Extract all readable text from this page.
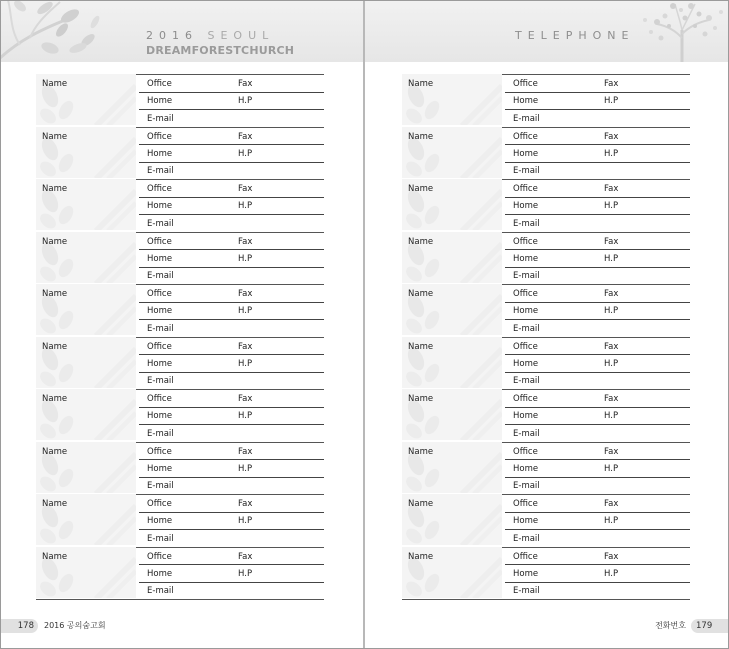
2016 SEOUL
DREAMFORESTCHURCH
Name	Office	Fax
Home	H.P
E-mail
Name	Office	Fax
Home	H.P
E-mail
Name	Office	Fax
Home	H.P
E-mail
Name	Office	Fax
Home	H.P
E-mail
Name	Office	Fax
Home	H.P
E-mail
Name	Office	Fax
Home	H.P
E-mail
Name	Office	Fax
Home	H.P
E-mail
Name	Office	Fax
Home	H.P
E-mail
Name	Office	Fax
Home	H.P
E-mail
Name	Office	Fax
Home	H.P
E-mail
178	2016 공의숨고회
TELEPHONE
Name	Office	Fax
Home	H.P
E-mail
Name	Office	Fax
Home	H.P
E-mail
Name	Office	Fax
Home	H.P
E-mail
Name	Office	Fax
Home	H.P
E-mail
Name	Office	Fax
Home	H.P
E-mail
Name	Office	Fax
Home	H.P
E-mail
Name	Office	Fax
Home	H.P
E-mail
Name	Office	Fax
Home	H.P
E-mail
Name	Office	Fax
Home	H.P
E-mail
Name	Office	Fax
Home	H.P
E-mail
전화번호	179
